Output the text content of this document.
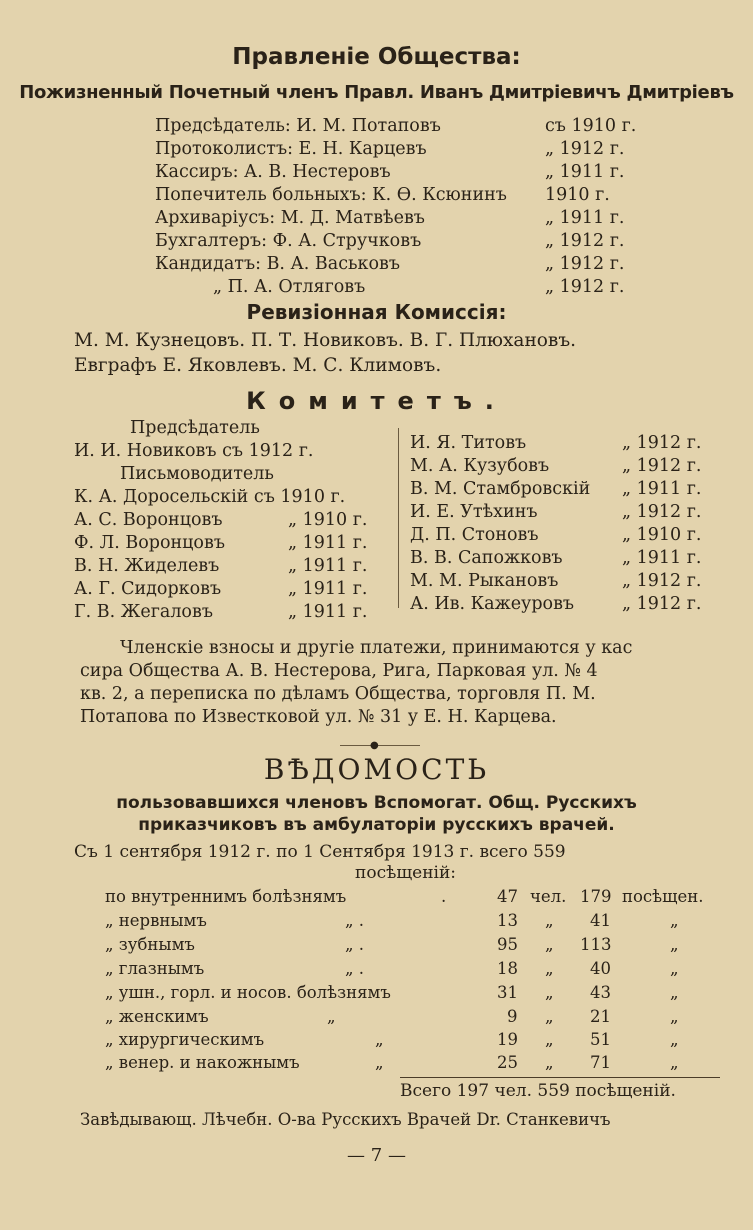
Правленіе Общества:
Пожизненный Почетный членъ Правл. Иванъ Дмитріевичъ Дмитріевъ
Предсѣдатель: И. М. Потаповъ	съ 1910 г.
Протоколистъ: Е. Н. Карцевъ	„ 1912 г.
Кассиръ: А. В. Нестеровъ	„ 1911 г.
Попечитель больныхъ: К. Ѳ. Ксюнинъ 1910 г.
Архиваріусъ: М. Д. Матвѣевъ	„ 1911 г.
Бухгалтеръ: Ф. А. Стручковъ	„ 1912 г.
Кандидатъ: В. А. Васьковъ	„ 1912 г.
„ П. А. Отляговъ	„ 1912 г.
Ревизіонная Комиссія:
М. М. Кузнецовъ. П. Т. Новиковъ. В. Г. Плюхановъ.
Евграфъ Е. Яковлевъ. М. С. Климовъ.
Комитетъ.
Предсѣдатель
И. И. Новиковъ съ 1912 г.
Письмоводитель
К. А. Доросельскій съ 1910 г.
А. С. Воронцовъ	„ 1910 г.
Ф. Л. Воронцовъ	„ 1911 г.
В. Н. Жиделевъ	„ 1911 г.
А. Г. Сидорковъ	„ 1911 г.
Г. В. Жегаловъ	„ 1911 г.
И. Я. Титовъ	„ 1912 г.
М. А. Кузубовъ	„ 1912 г.
В. М. Стамбровскій „ 1911 г.
И. Е. Утѣхинъ	„ 1912 г.
Д. П. Стоновъ	„ 1910 г.
В. В. Сапожковъ	„ 1911 г.
М. М. Рыкановъ	„ 1912 г.
А. Ив. Кажеуровъ	„ 1912 г.
Членскіе взносы и другіе платежи, принимаются у кас
сира Общества А. В. Нестерова, Рига, Парковая ул. № 4
кв. 2, а переписка по дѣламъ Общества, торговля П. М.
Потапова по Известковой ул. № 31 у Е. Н. Карцева.
●
ВѢДОМОСТЬ
пользовавшихся членовъ Вспомогат. Общ. Русскихъ
приказчиковъ въ амбулаторіи русскихъ врачей.
Съ 1 сентября 1912 г. по 1 Сентября 1913 г. всего 559
посѣщеній:
по внутреннимъ болѣзнямъ	.	47 чел. 179 посѣщен.
„ нервнымъ	„ .	13 „ 41	„
„ зубнымъ	„ .	95 „ 113	„
„ глазнымъ	„ .	18 „ 40	„
„ ушн., горл. и носов. болѣзнямъ	31 „ 43	„
„ женскимъ	„	9 „ 21	„
„ хирургическимъ	„	19 „ 51	„
„ венер. и накожнымъ	„	25 „ 71	„
Всего 197 чел. 559 посѣщеній.
Завѣдывающ. Лѣчебн. О-ва Русскихъ Врачей Dr. Станкевичъ
— 7 —
